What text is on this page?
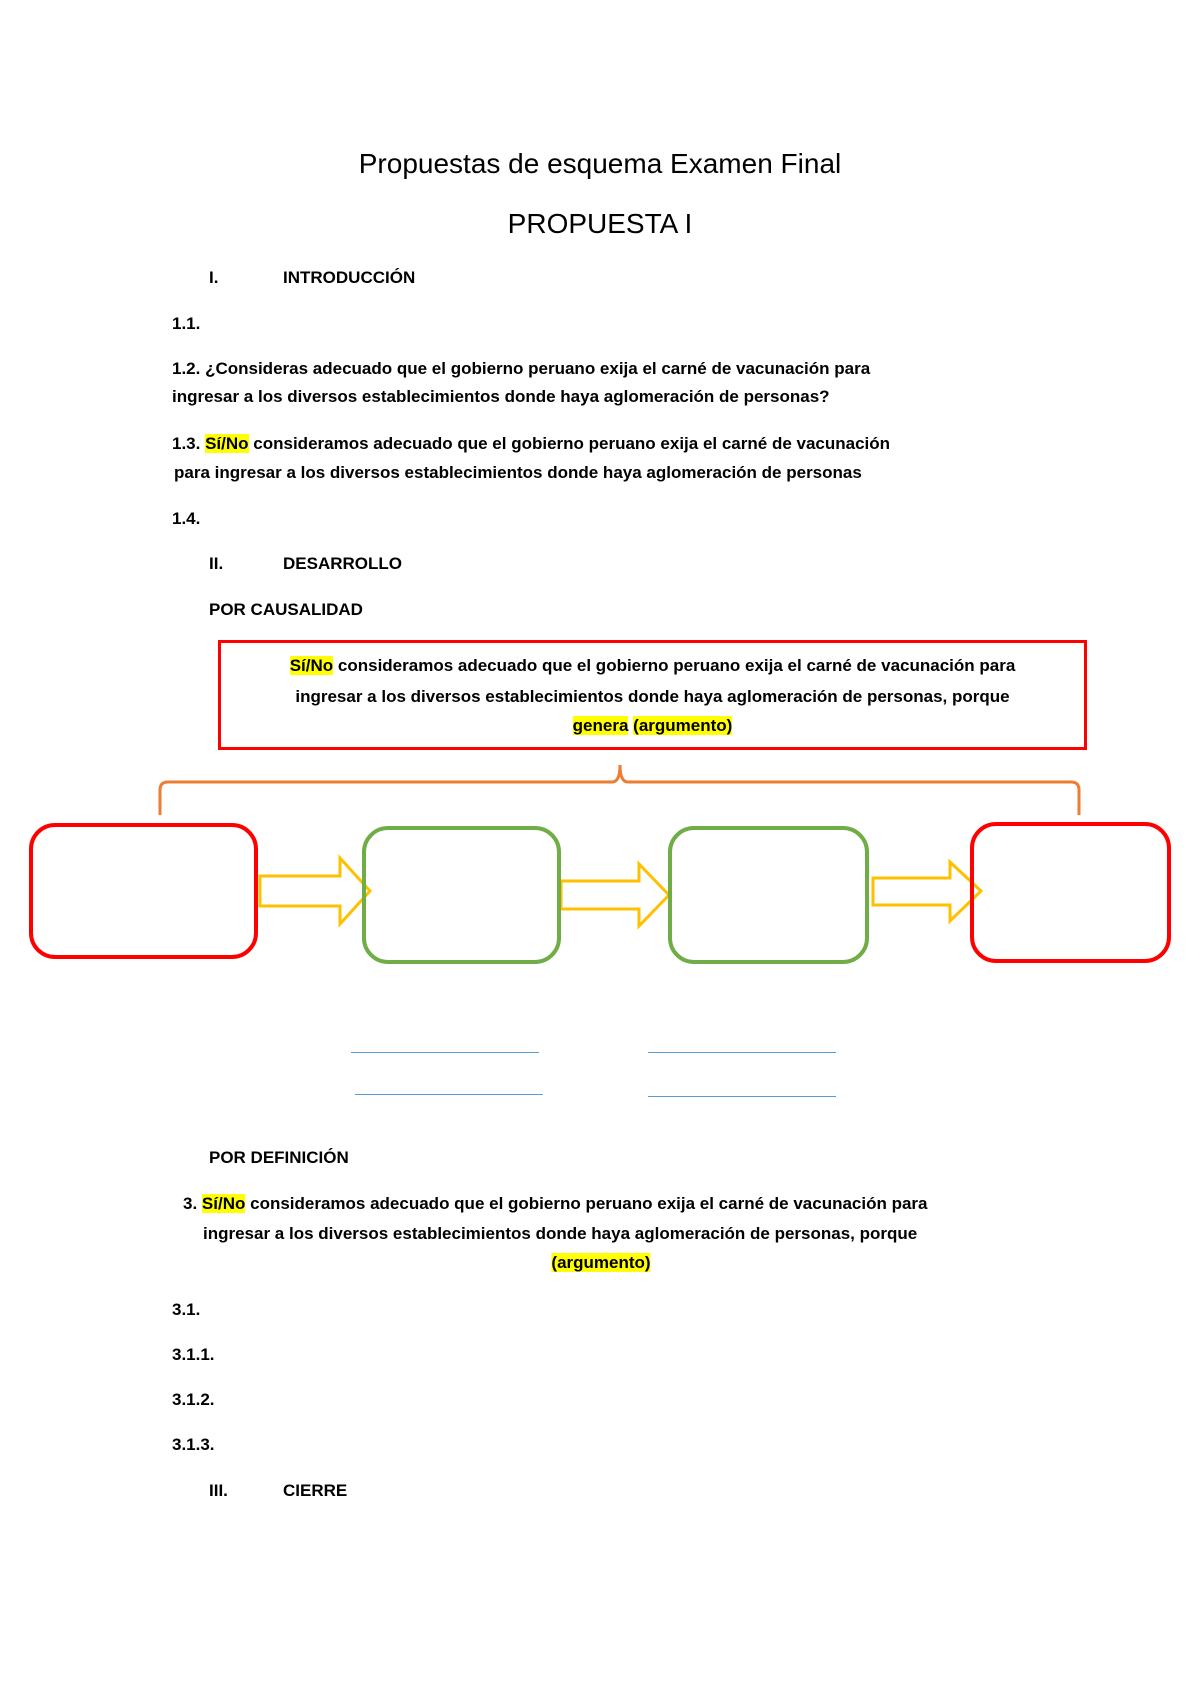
Propuestas de esquema Examen Final
PROPUESTA I
I.	INTRODUCCIÓN
1.1.
1.2. ¿Consideras adecuado que el gobierno peruano exija el carné de vacunación para
ingresar a los diversos establecimientos donde haya aglomeración de personas?
1.3. Sí/No consideramos adecuado que el gobierno peruano exija el carné de vacunación
para ingresar a los diversos establecimientos donde haya aglomeración de personas
1.4.
II.	DESARROLLO
POR CAUSALIDAD
Sí/No consideramos adecuado que el gobierno peruano exija el carné de vacunación para
ingresar a los diversos establecimientos donde haya aglomeración de personas, porque
genera (argumento)
POR DEFINICIÓN
3. Sí/No consideramos adecuado que el gobierno peruano exija el carné de vacunación para
ingresar a los diversos establecimientos donde haya aglomeración de personas, porque
(argumento)
3.1.
3.1.1.
3.1.2.
3.1.3.
III.	CIERRE
